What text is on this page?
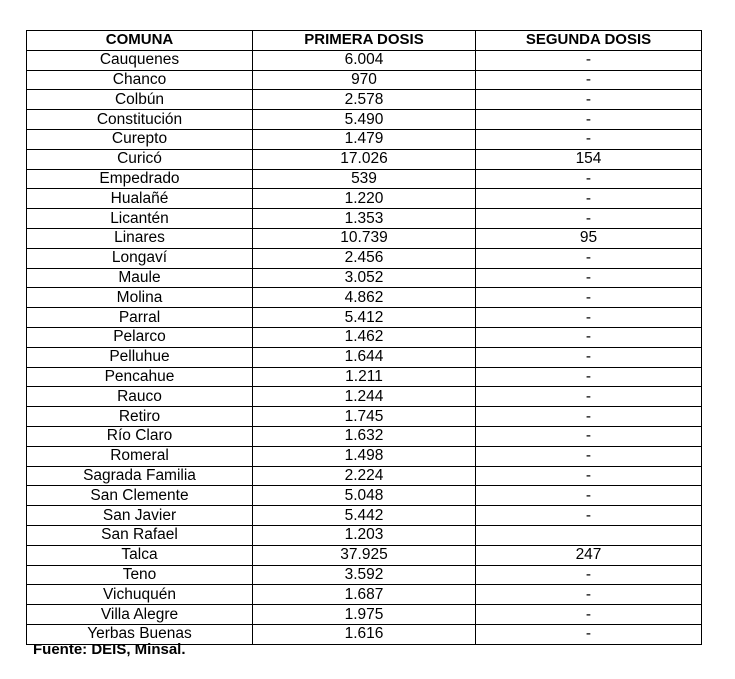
COMUNA	PRIMERA DOSIS	SEGUNDA DOSIS
Cauquenes	6.004	-
Chanco	970	-
Colbún	2.578	-
Constitución	5.490	-
Curepto	1.479	-
Curicó	17.026	154
Empedrado	539	-
Hualañé	1.220	-
Licantén	1.353	-
Linares	10.739	95
Longaví	2.456	-
Maule	3.052	-
Molina	4.862	-
Parral	5.412	-
Pelarco	1.462	-
Pelluhue	1.644	-
Pencahue	1.211	-
Rauco	1.244	-
Retiro	1.745	-
Río Claro	1.632	-
Romeral	1.498	-
Sagrada Familia	2.224	-
San Clemente	5.048	-
San Javier	5.442	-
San Rafael	1.203	
Talca	37.925	247
Teno	3.592	-
Vichuquén	1.687	-
Villa Alegre	1.975	-
Yerbas Buenas	1.616	-
Fuente: DEIS, Minsal.
